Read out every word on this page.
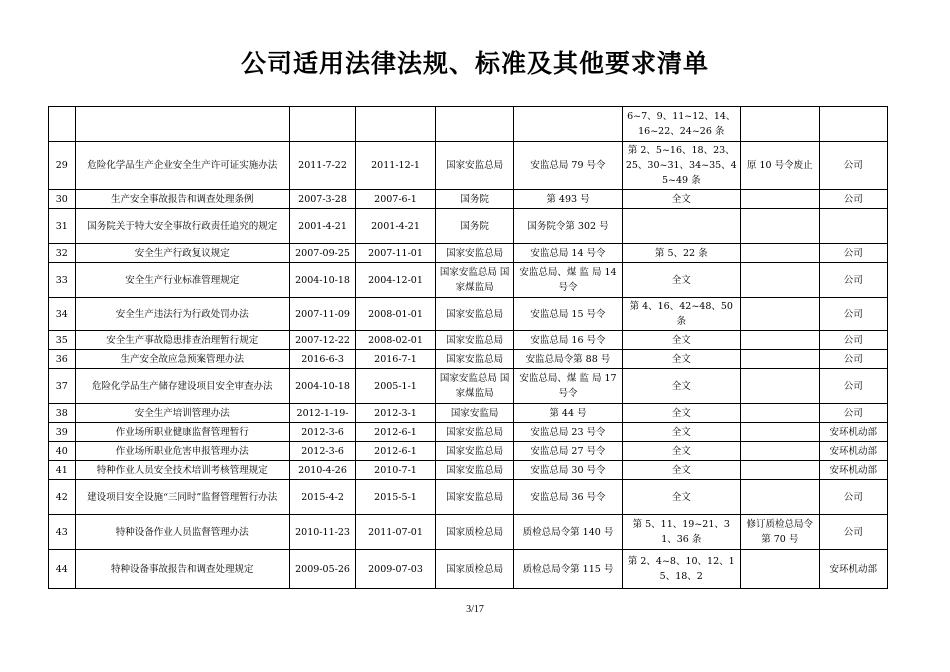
公司适用法律法规、标准及其他要求清单
						6~7、9、11~12、14、16~22、24~26 条		
29	危险化学品生产企业安全生产许可证实施办法	2011-7-22	2011-12-1	国家安监总局	安监总局 79 号令	第 2、5~16、18、23、25、30~31、34~35、45~49 条	原 10 号令废止	公司
30	生产安全事故报告和调查处理条例	2007-3-28	2007-6-1	国务院	第 493 号	全文		公司
31	国务院关于特大安全事故行政责任追究的规定	2001-4-21	2001-4-21	国务院	国务院令第 302 号			
32	安全生产行政复议规定	2007-09-25	2007-11-01	国家安监总局	安监总局 14 号令	第 5、22 条		公司
33	安全生产行业标准管理规定	2004-10-18	2004-12-01	国家安监总局 国家煤监局	安监总局、煤 监 局 14 号令	全文		公司
34	安全生产违法行为行政处罚办法	2007-11-09	2008-01-01	国家安监总局	安监总局 15 号令	第 4、16、42~48、50 条		公司
35	安全生产事故隐患排查治理暂行规定	2007-12-22	2008-02-01	国家安监总局	安监总局 16 号令	全文		公司
36	生产安全故应急预案管理办法	2016-6-3	2016-7-1	国家安监总局	安监总局令第 88 号	全文		公司
37	危险化学品生产储存建设项目安全审查办法	2004-10-18	2005-1-1	国家安监总局 国家煤监局	安监总局、煤 监 局 17 号令	全文		公司
38	安全生产培训管理办法	2012-1-19-	2012-3-1	国家安监局	第 44 号	全文		公司
39	作业场所职业健康监督管理暂行	2012-3-6	2012-6-1	国家安监总局	安监总局 23 号令	全文		安环机动部
40	作业场所职业危害申报管理办法	2012-3-6	2012-6-1	国家安监总局	安监总局 27 号令	全文		安环机动部
41	特种作业人员安全技术培训考核管理规定	2010-4-26	2010-7-1	国家安监总局	安监总局 30 号令	全文		安环机动部
42	建设项目安全设施“三同时”监督管理暂行办法	2015-4-2	2015-5-1	国家安监总局	安监总局 36 号令	全文		公司
43	特种设备作业人员监督管理办法	2010-11-23	2011-07-01	国家质检总局	质检总局令第 140 号	第 5、11、19~21、31、36 条	修订质检总局令第 70 号	公司
44	特种设备事故报告和调查处理规定	2009-05-26	2009-07-03	国家质检总局	质检总局令第 115 号	第 2、4~8、10、12、15、18、2		安环机动部
3/17
